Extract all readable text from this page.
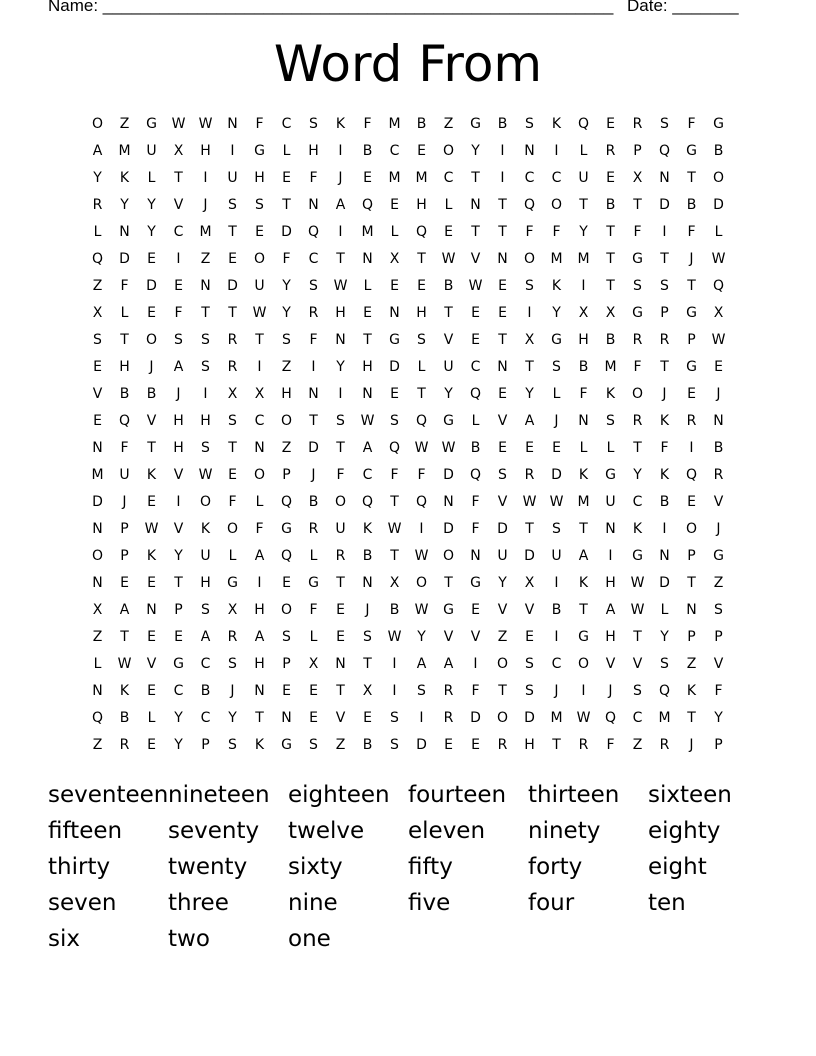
Name: ______________________________________________________ Date: _______
Word From
O	Z	G	W W	N	F	C	S	K	F	M	B	Z	G	B	S	K	Q	E	R	S	F	G
A	M	U	X	H	I	G	L	H	I	B	C	E	O	Y	I	N	I	L	R	P	Q	G	B
Y	K	L	T	I	U	H	E	F	J	E	M	M	C	T	I	C	C	U	E	X	N	T	O
R	Y	Y	V	J	S	S	T	N	A	Q	E	H	L	N	T	Q	O	T	B	T	D	B	D
L	N	Y	C	M	T	E	D	Q	I	M	L	Q	E	T	T	F	F	Y	T	F	I	F	L
Q	D	E	I	Z	E	O	F	C	T	N	X	T	W	V	N	O	M	M	T	G	T	J	W
Z	F	D	E	N	D	U	Y	S	W	L	E	E	B	W	E	S	K	I	T	S	S	T	Q
X	L	E	F	T	T	W	Y	R	H	E	N	H	T	E	E	I	Y	X	X	G	P	G	X
S	T	O	S	S	R	T	S	F	N	T	G	S	V	E	T	X	G	H	B	R	R	P	W
E	H	J	A	S	R	I	Z	I	Y	H	D	L	U	C	N	T	S	B	M	F	T	G	E
V	B	B	J	I	X	X	H	N	I	N	E	T	Y	Q	E	Y	L	F	K	O	J	E	J
E	Q	V	H	H	S	C	O	T	S	W	S	Q	G	L	V	A	J	N	S	R	K	R	N
N	F	T	H	S	T	N	Z	D	T	A	Q	W W	B	E	E	E	L	L	T	F	I	B
M	U	K	V	W	E	O	P	J	F	C	F	F	D	Q	S	R	D	K	G	Y	K	Q	R
D	J	E	I	O	F	L	Q	B	O	Q	T	Q	N	F	V	W W	M	U	C	B	E	V
N	P	W	V	K	O	F	G	R	U	K	W	I	D	F	D	T	S	T	N	K	I	O	J
O	P	K	Y	U	L	A	Q	L	R	B	T	W	O	N	U	D	U	A	I	G	N	P	G
N	E	E	T	H	G	I	E	G	T	N	X	O	T	G	Y	X	I	K	H	W	D	T	Z
X	A	N	P	S	X	H	O	F	E	J	B	W	G	E	V	V	B	T	A	W	L	N	S
Z	T	E	E	A	R	A	S	L	E	S	W	Y	V	V	Z	E	I	G	H	T	Y	P	P
L	W	V	G	C	S	H	P	X	N	T	I	A	A	I	O	S	C	O	V	V	S	Z	V
N	K	E	C	B	J	N	E	E	T	X	I	S	R	F	T	S	J	I	J	S	Q	K	F
Q	B	L	Y	C	Y	T	N	E	V	E	S	I	R	D	O	D	M	W	Q	C	M	T	Y
Z	R	E	Y	P	S	K	G	S	Z	B	S	D	E	E	R	H	T	R	F	Z	R	J	P
seventeen nineteen eighteen fourteen thirteen	sixteen
fifteen	seventy	twelve	eleven	ninety	eighty
thirty	twenty	sixty	fifty	forty	eight
seven	three	nine	five	four	ten
six	two	one
